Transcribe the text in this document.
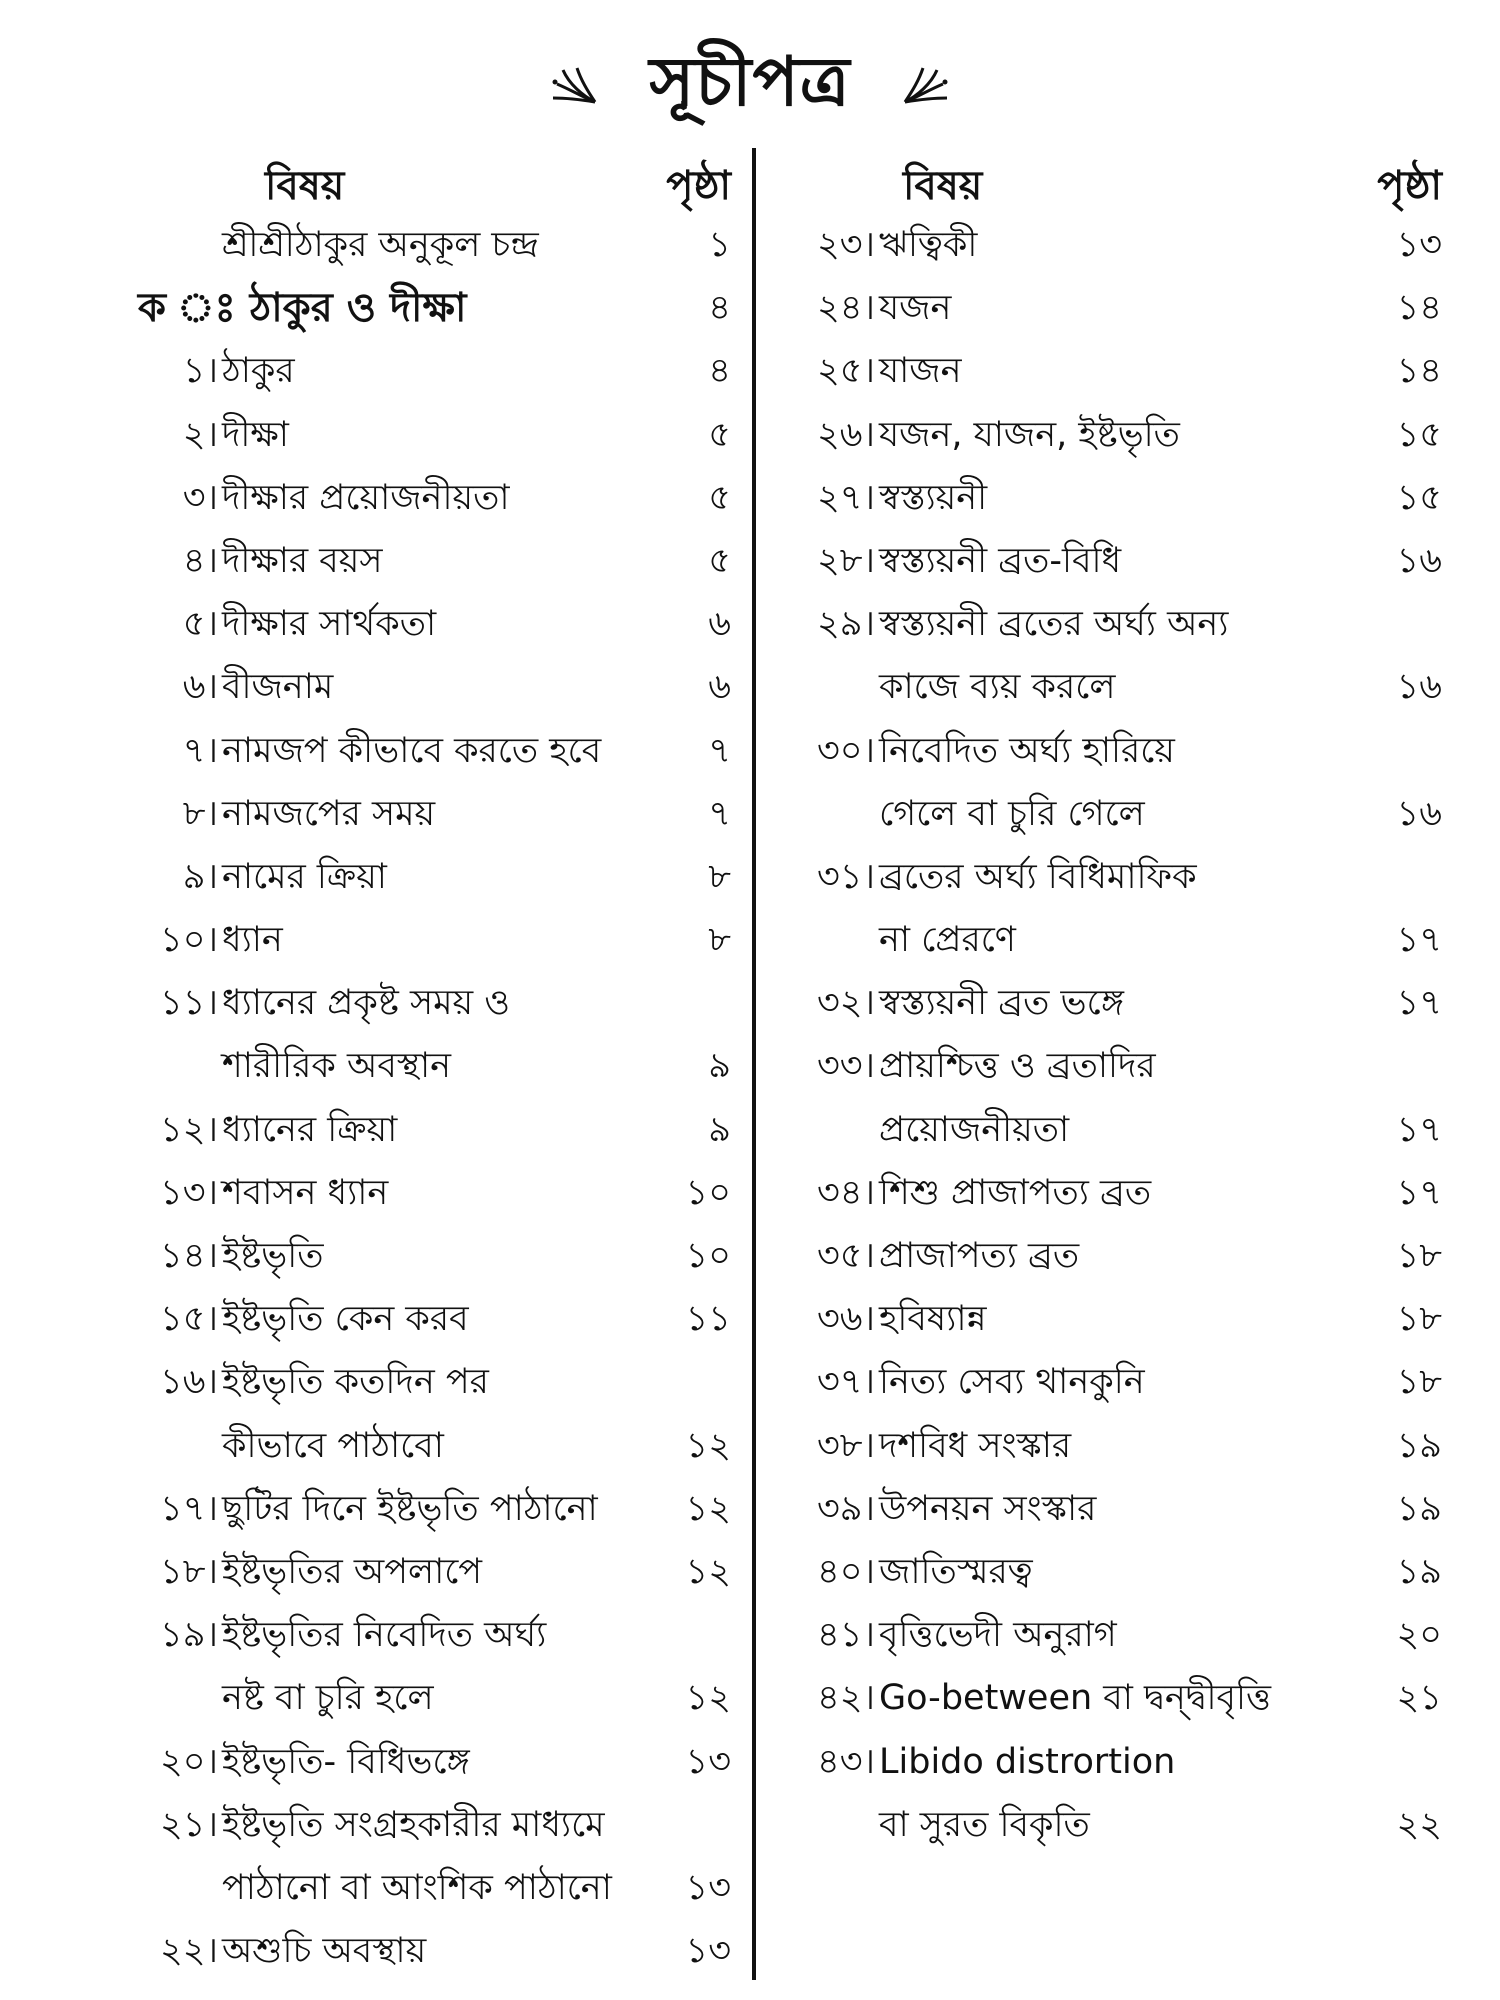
সূচীপত্র
বিষয়	পৃষ্ঠা
শ্রীশ্রীঠাকুর অনুকূল চন্দ্র	১
ক ঃ ঠাকুর ও দীক্ষা	৪
১। ঠাকুর	৪
২। দীক্ষা	৫
৩। দীক্ষার প্রয়োজনীয়তা	৫
৪। দীক্ষার বয়স	৫
৫। দীক্ষার সার্থকতা	৬
৬। বীজনাম	৬
৭। নামজপ কীভাবে করতে হবে	৭
৮। নামজপের সময়	৭
৯। নামের ক্রিয়া	৮
১০। ধ্যান	৮
১১। ধ্যানের প্রকৃষ্ট সময় ও
শারীরিক অবস্থান	৯
১২। ধ্যানের ক্রিয়া	৯
১৩। শবাসন ধ্যান	১০
১৪। ইষ্টভৃতি	১০
১৫। ইষ্টভৃতি কেন করব	১১
১৬। ইষ্টভৃতি কতদিন পর
কীভাবে পাঠাবো	১২
১৭। ছুটির দিনে ইষ্টভৃতি পাঠানো	১২
১৮। ইষ্টভৃতির অপলাপে	১২
১৯। ইষ্টভৃতির নিবেদিত অর্ঘ্য
নষ্ট বা চুরি হলে	১২
২০। ইষ্টভৃতি- বিধিভঙ্গে	১৩
২১। ইষ্টভৃতি সংগ্রহকারীর মাধ্যমে
পাঠানো বা আংশিক পাঠানো ১৩
২২। অশুচি অবস্থায়	১৩
বিষয়	পৃষ্ঠা
২৩। ঋত্বিকী	১৩
২৪। যজন	১৪
২৫। যাজন	১৪
২৬। যজন, যাজন, ইষ্টভৃতি	১৫
২৭। স্বস্ত্যয়নী	১৫
২৮। স্বস্ত্যয়নী ব্রত-বিধি	১৬
২৯। স্বস্ত্যয়নী ব্রতের অর্ঘ্য অন্য
কাজে ব্যয় করলে	১৬
৩০। নিবেদিত অর্ঘ্য হারিয়ে
গেলে বা চুরি গেলে	১৬
৩১। ব্রতের অর্ঘ্য বিধিমাফিক
না প্রেরণে	১৭
৩২। স্বস্ত্যয়নী ব্রত ভঙ্গে	১৭
৩৩। প্রায়শ্চিত্ত ও ব্রতাদির
প্রয়োজনীয়তা	১৭
৩৪। শিশু প্রাজাপত্য ব্রত	১৭
৩৫। প্রাজাপত্য ব্রত	১৮
৩৬। হবিষ্যান্ন	১৮
৩৭। নিত্য সেব্য থানকুনি	১৮
৩৮। দশবিধ সংস্কার	১৯
৩৯। উপনয়ন সংস্কার	১৯
৪০। জাতিস্মরত্ব	১৯
৪১। বৃত্তিভেদী অনুরাগ	২০
৪২। Go-between বা দ্বন্দ্বীবৃত্তি	২১
৪৩। Libido distrortion
বা সুরত বিকৃতি	২২
